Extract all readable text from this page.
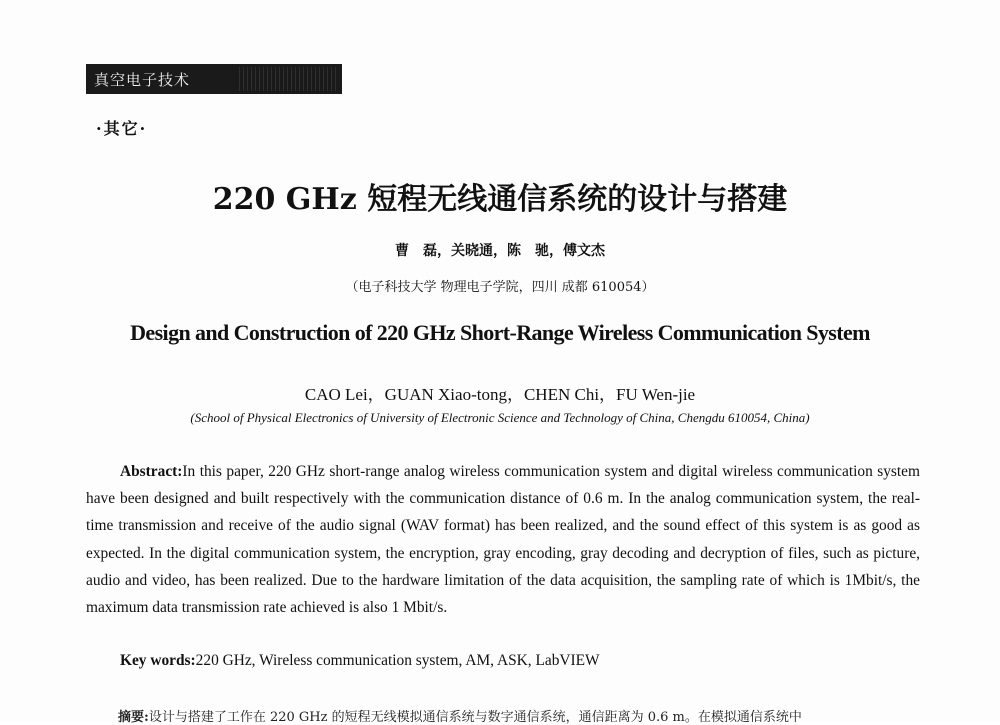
真空电子技术
·其它·
220 GHz 短程无线通信系统的设计与搭建
曹　磊，关晓通，陈　驰，傅文杰
（电子科技大学 物理电子学院，四川 成都 610054）
Design and Construction of 220 GHz Short-Range Wireless Communication System
CAO Lei，GUAN Xiao-tong，CHEN Chi，FU Wen-jie
(School of Physical Electronics of University of Electronic Science and Technology of China, Chengdu 610054, China)
Abstract:In this paper, 220 GHz short-range analog wireless communication system and digital wireless communication system have been designed and built respectively with the communication distance of 0.6 m. In the analog communication system, the real-time transmission and receive of the audio signal (WAV format) has been realized, and the sound effect of this system is as good as expected. In the digital communication system, the encryption, gray encoding, gray decoding and decryption of files, such as picture, audio and video, has been realized. Due to the hardware limitation of the data acquisition, the sampling rate of which is 1Mbit/s, the maximum data transmission rate achieved is also 1 Mbit/s.
Key words:220 GHz, Wireless communication system, AM, ASK, LabVIEW
摘要:设计与搭建了工作在 220 GHz 的短程无线模拟通信系统与数字通信系统，通信距离为 0.6 m。在模拟通信系统中
